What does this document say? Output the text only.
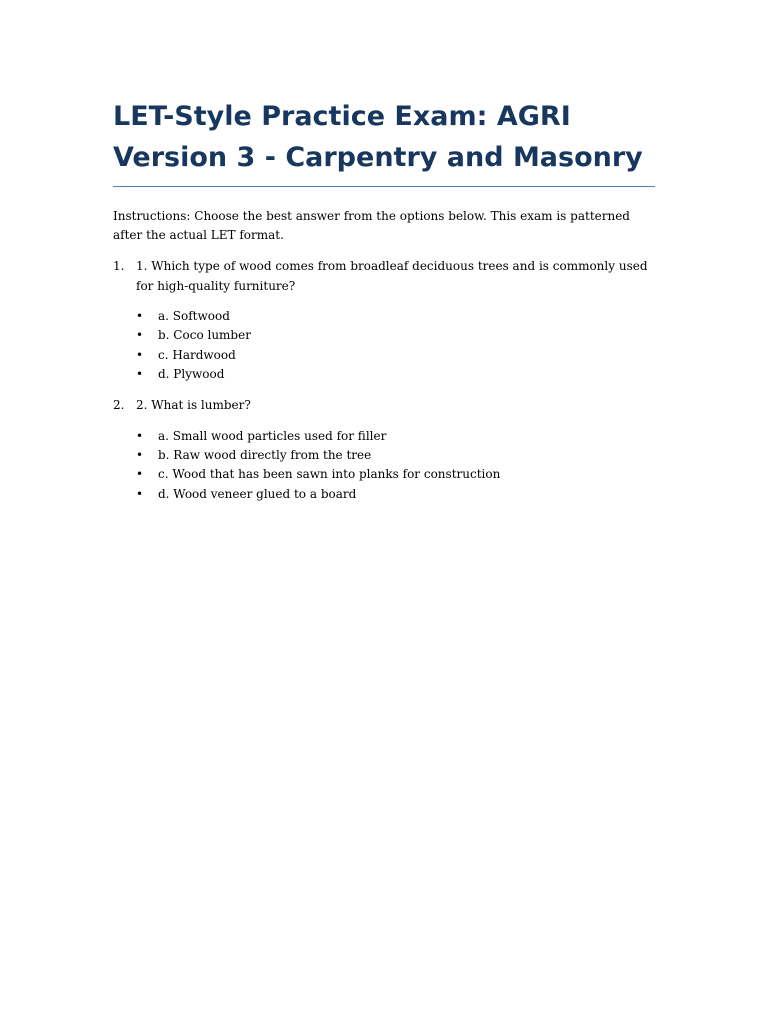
LET-Style Practice Exam: AGRI Version 3 - Carpentry and Masonry

Instructions: Choose the best answer from the options below. This exam is patterned after the actual LET format.

1. 1. Which type of wood comes from broadleaf deciduous trees and is commonly used for high-quality furniture?
• a. Softwood
• b. Coco lumber
• c. Hardwood
• d. Plywood
2. 2. What is lumber?
• a. Small wood particles used for filler
• b. Raw wood directly from the tree
• c. Wood that has been sawn into planks for construction
• d. Wood veneer glued to a board
